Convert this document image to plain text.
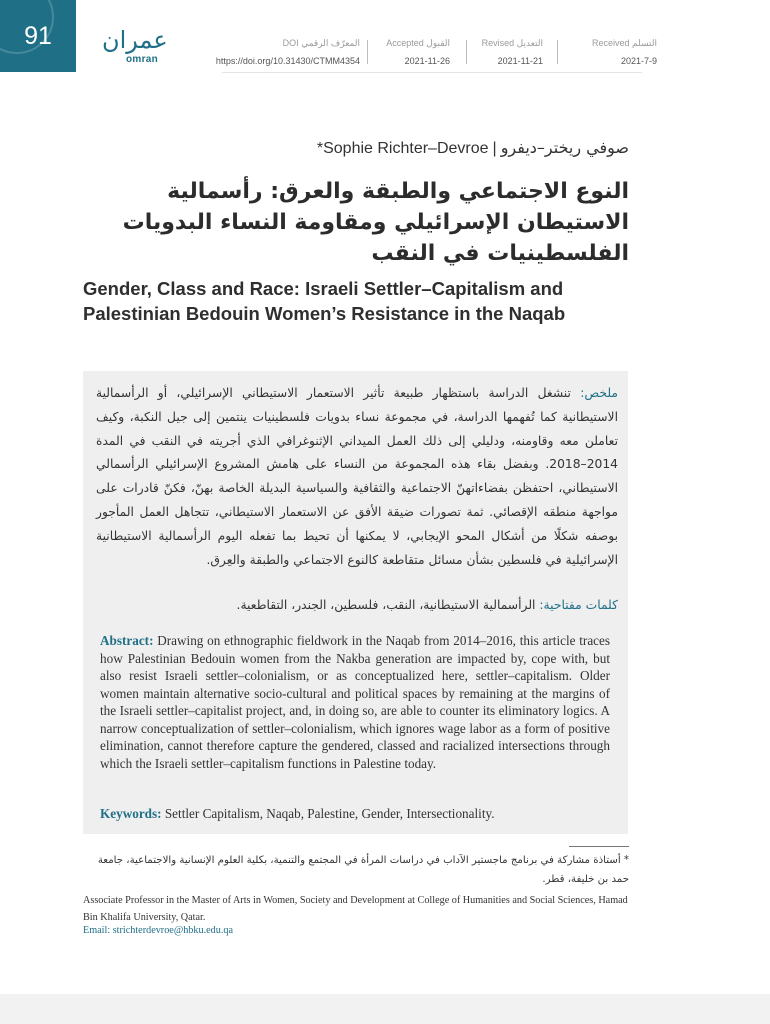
91 عمران
omran
Received التسلم
2021-7-9
Revised التعديل
2021-11-21
Accepted القبول
2021-11-26
DOI المعرّف الرقمي
https://doi.org/10.31430/CTMM4354
*Sophie Richter–Devroe | صوفي ريختر–ديفرو
النوع الاجتماعي والطبقة والعرق: رأسمالية
الاستيطان الإسرائيلي ومقاومة النساء البدويات
الفلسطينيات في النقب
Gender, Class and Race: Israeli Settler–Capitalism and Palestinian Bedouin Women’s Resistance in the Naqab
ملخص: تنشغل الدراسة باستظهار طبيعة تأثير الاستعمار الاستيطاني الإسرائيلي، أو الرأسمالية الاستيطانية كما تُفهمها الدراسة، في مجموعة نساء بدويات فلسطينيات ينتمين إلى جيل النكبة، وكيف تعاملن معه وقاومنه، ودليلي إلى ذلك العمل الميداني الإثنوغرافي الذي أجريته في النقب في المدة 2014–2018. وبفضل بقاء هذه المجموعة من النساء على هامش المشروع الإسرائيلي الرأسمالي الاستيطاني، احتفظن بفضاءاتهنّ الاجتماعية والثقافية والسياسية البديلة الخاصة بهنّ، فكنّ قادرات على مواجهة منطقه الإقصائي. ثمة تصورات ضيقة الأفق عن الاستعمار الاستيطاني، تتجاهل العمل المأجور بوصفه شكلًا من أشكال المحو الإيجابي، لا يمكنها أن تحيط بما تفعله اليوم الرأسمالية الاستيطانية الإسرائيلية في فلسطين بشأن مسائل متقاطعة كالنوع الاجتماعي والطبقة والعِرق.
كلمات مفتاحية: الرأسمالية الاستيطانية، النقب، فلسطين، الجندر، التقاطعية.
Abstract: Drawing on ethnographic fieldwork in the Naqab from 2014–2016, this article traces how Palestinian Bedouin women from the Nakba generation are impacted by, cope with, but also resist Israeli settler–colonialism, or as conceptualized here, settler–capitalism. Older women maintain alternative socio-cultural and political spaces by remaining at the margins of the Israeli settler–capitalist project, and, in doing so, are able to counter its eliminatory logics. A narrow conceptualization of settler–colonialism, which ignores wage labor as a form of positive elimination, cannot therefore capture the gendered, classed and racialized intersections through which the Israeli settler–capitalism functions in Palestine today.
Keywords: Settler Capitalism, Naqab, Palestine, Gender, Intersectionality.
* أستاذة مشاركة في برنامج ماجستير الآداب في دراسات المرأة في المجتمع والتنمية، بكلية العلوم الإنسانية والاجتماعية، جامعة حمد بن خليفة، قطر.
Associate Professor in the Master of Arts in Women, Society and Development at College of Humanities and Social Sciences, Hamad Bin Khalifa University, Qatar.
Email: strichterdevroe@hbku.edu.qa
